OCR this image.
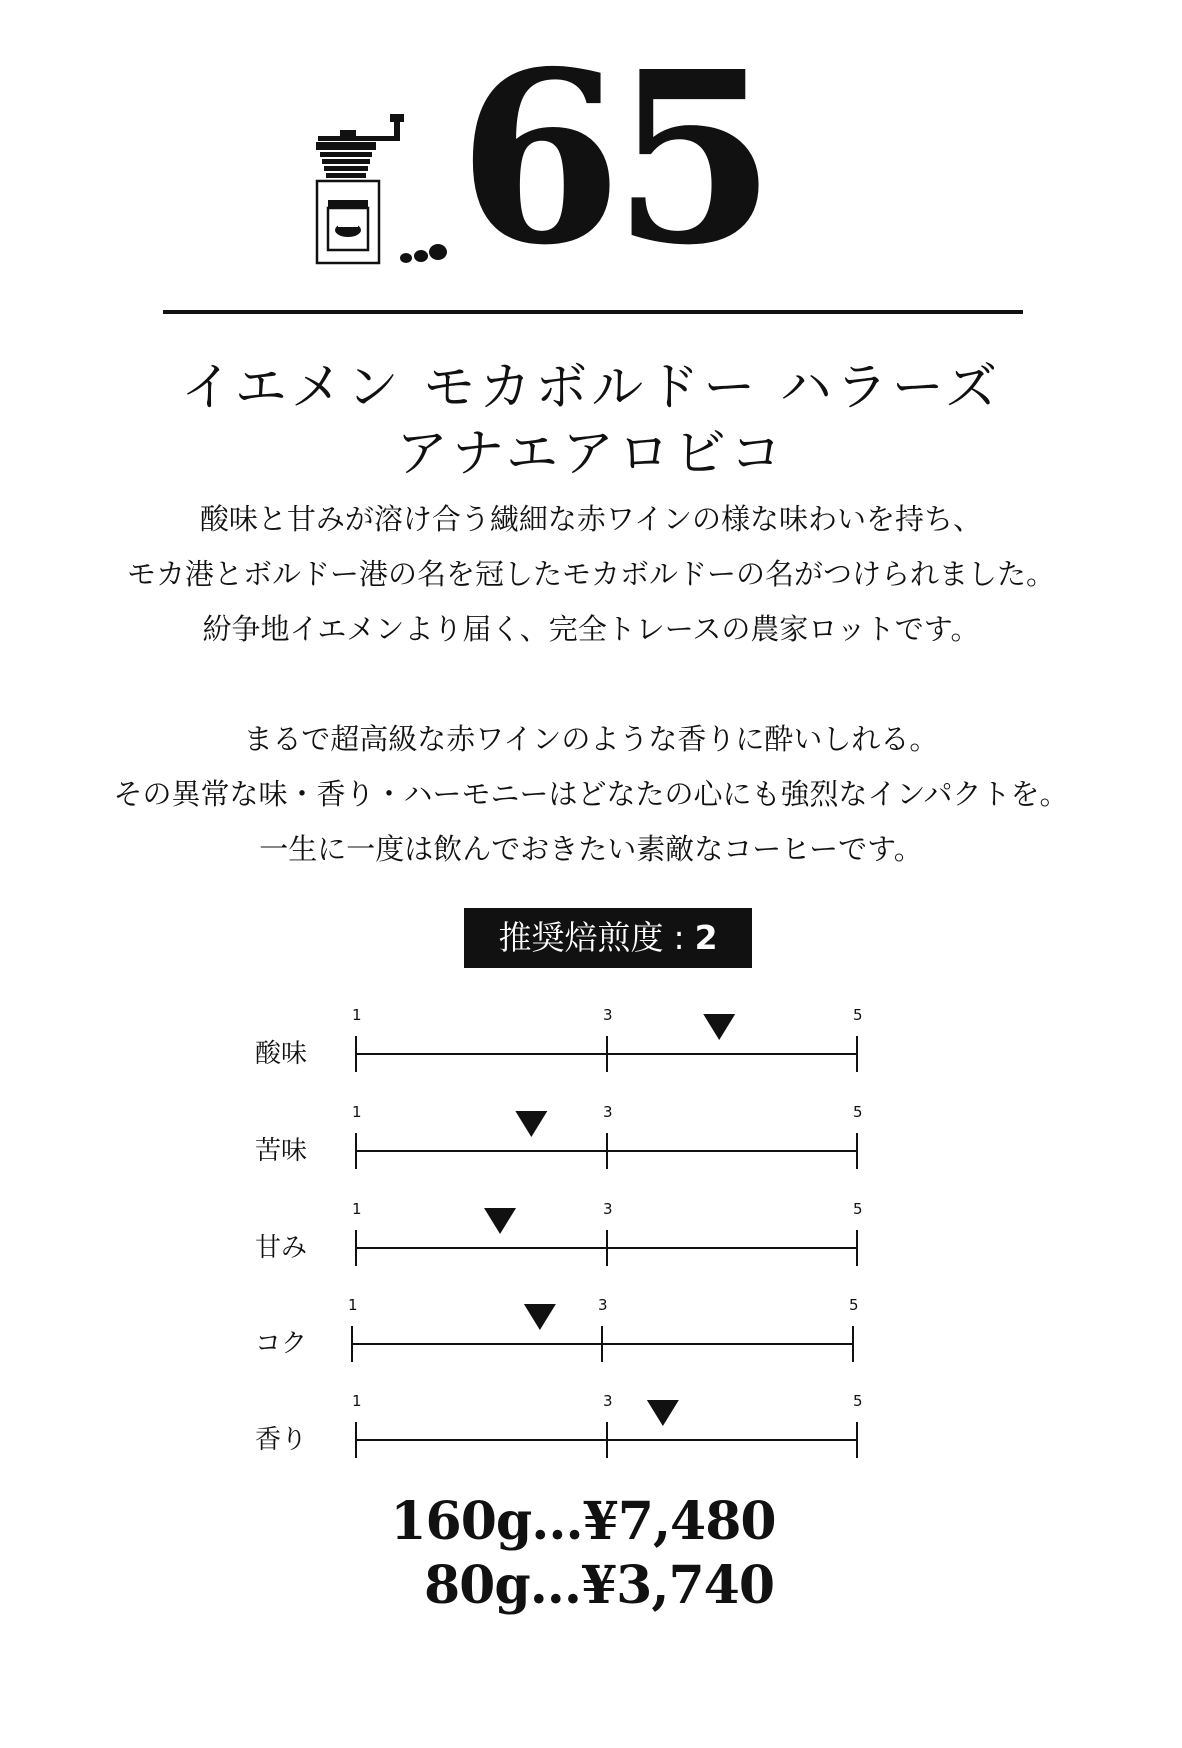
65
イエメン モカボルドー ハラーズ
アナエアロビコ
酸味と甘みが溶け合う繊細な赤ワインの様な味わいを持ち、
モカ港とボルドー港の名を冠したモカボルドーの名がつけられました。
紛争地イエメンより届く、完全トレースの農家ロットです。
まるで超高級な赤ワインのような香りに酔いしれる。
その異常な味・香り・ハーモニーはどなたの心にも強烈なインパクトを。
一生に一度は飲んでおきたい素敵なコーヒーです。
推奨焙煎度 : 2
酸味
1	3	5
苦味
1	3	5
甘み
1	3	5
コク
1	3	5
香り
1	3	5
160g...¥7,480
80g...¥3,740
